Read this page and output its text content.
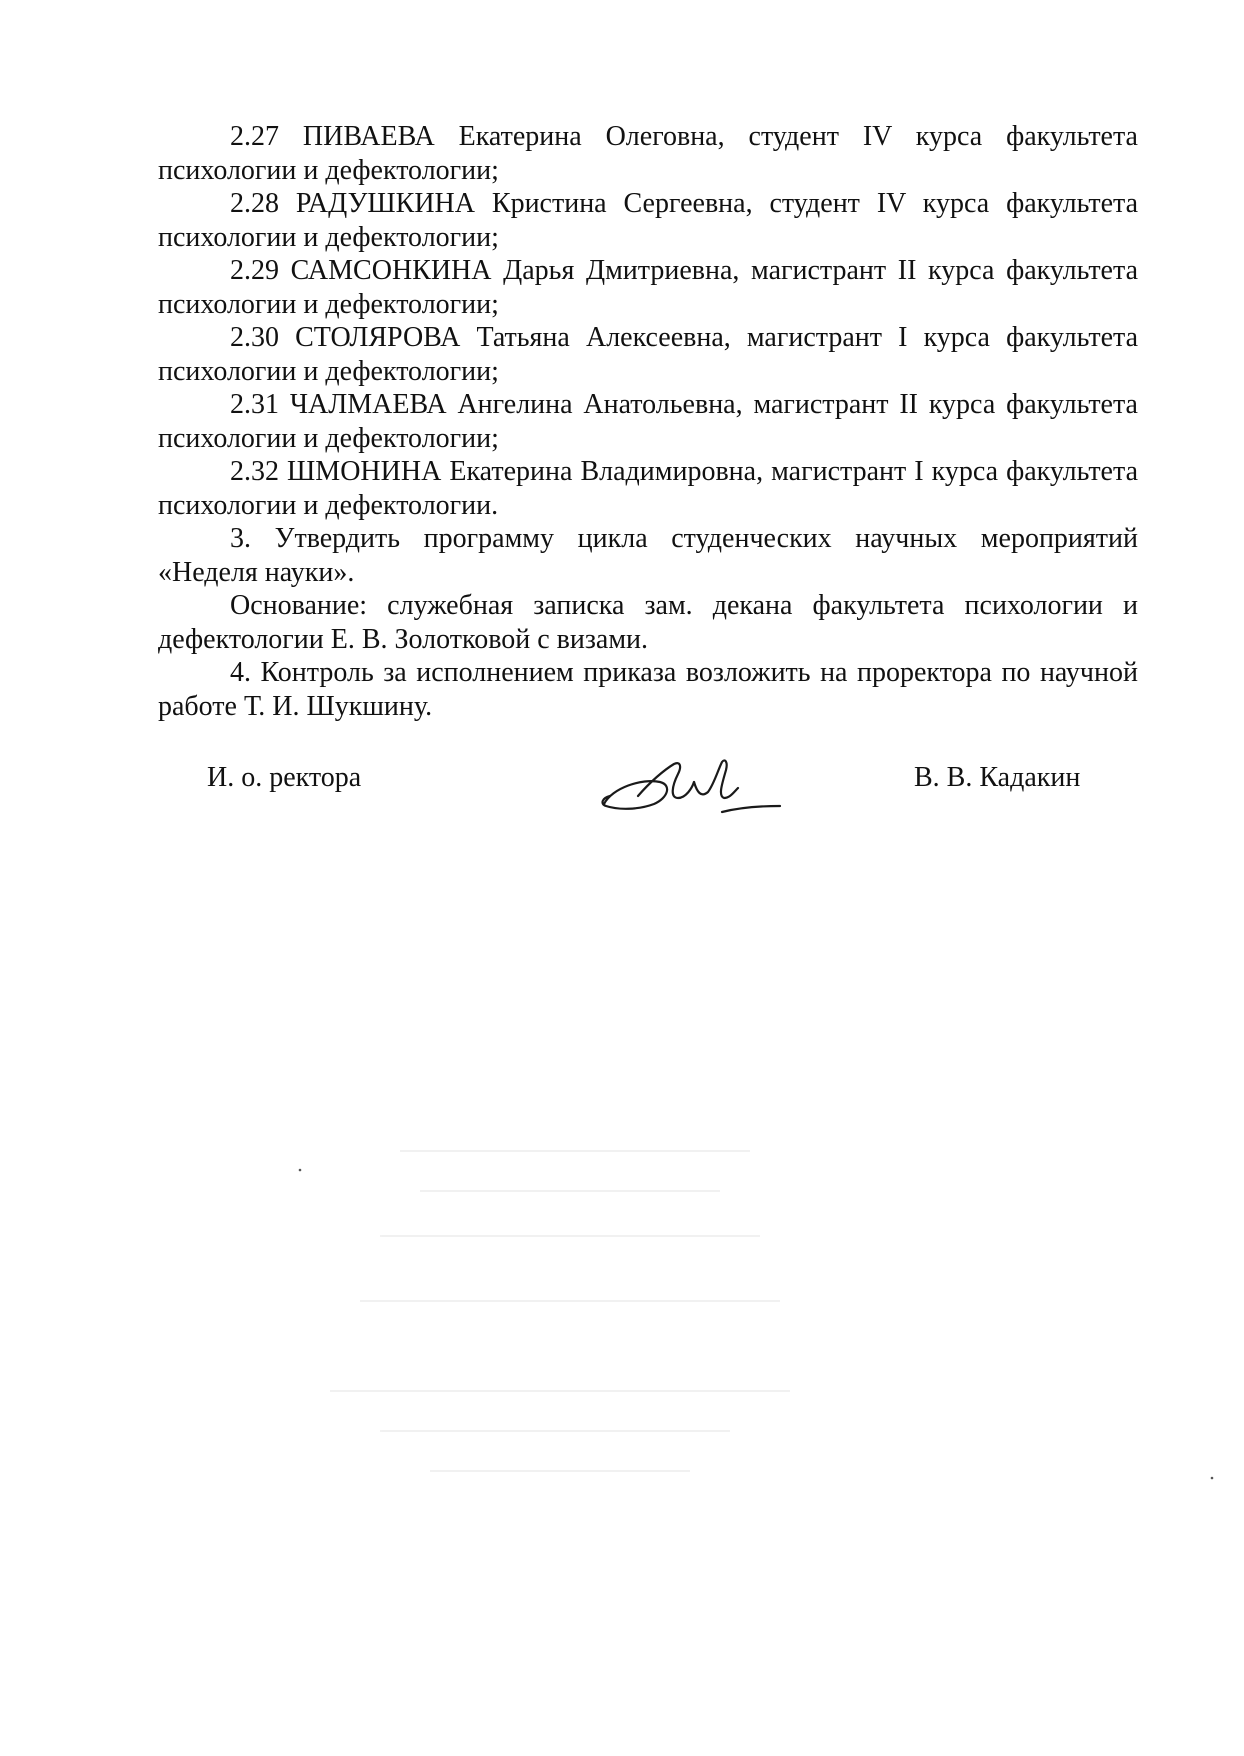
2.27 ПИВАЕВА Екатерина Олеговна, студент IV курса факультета психологии и дефектологии;

2.28 РАДУШКИНА Кристина Сергеевна, студент IV курса факультета психологии и дефектологии;

2.29 САМСОНКИНА Дарья Дмитриевна, магистрант II курса факультета психологии и дефектологии;

2.30 СТОЛЯРОВА Татьяна Алексеевна, магистрант I курса факультета психологии и дефектологии;

2.31 ЧАЛМАЕВА Ангелина Анатольевна, магистрант II курса факультета психологии и дефектологии;

2.32 ШМОНИНА Екатерина Владимировна, магистрант I курса факультета психологии и дефектологии.

3. Утвердить программу цикла студенческих научных мероприятий «Неделя науки».

Основание: служебная записка зам. декана факультета психологии и дефектологии Е. В. Золотковой с визами.

4. Контроль за исполнением приказа возложить на проректора по научной работе Т. И. Шукшину.

И. о. ректора	В. В. Кадакин
